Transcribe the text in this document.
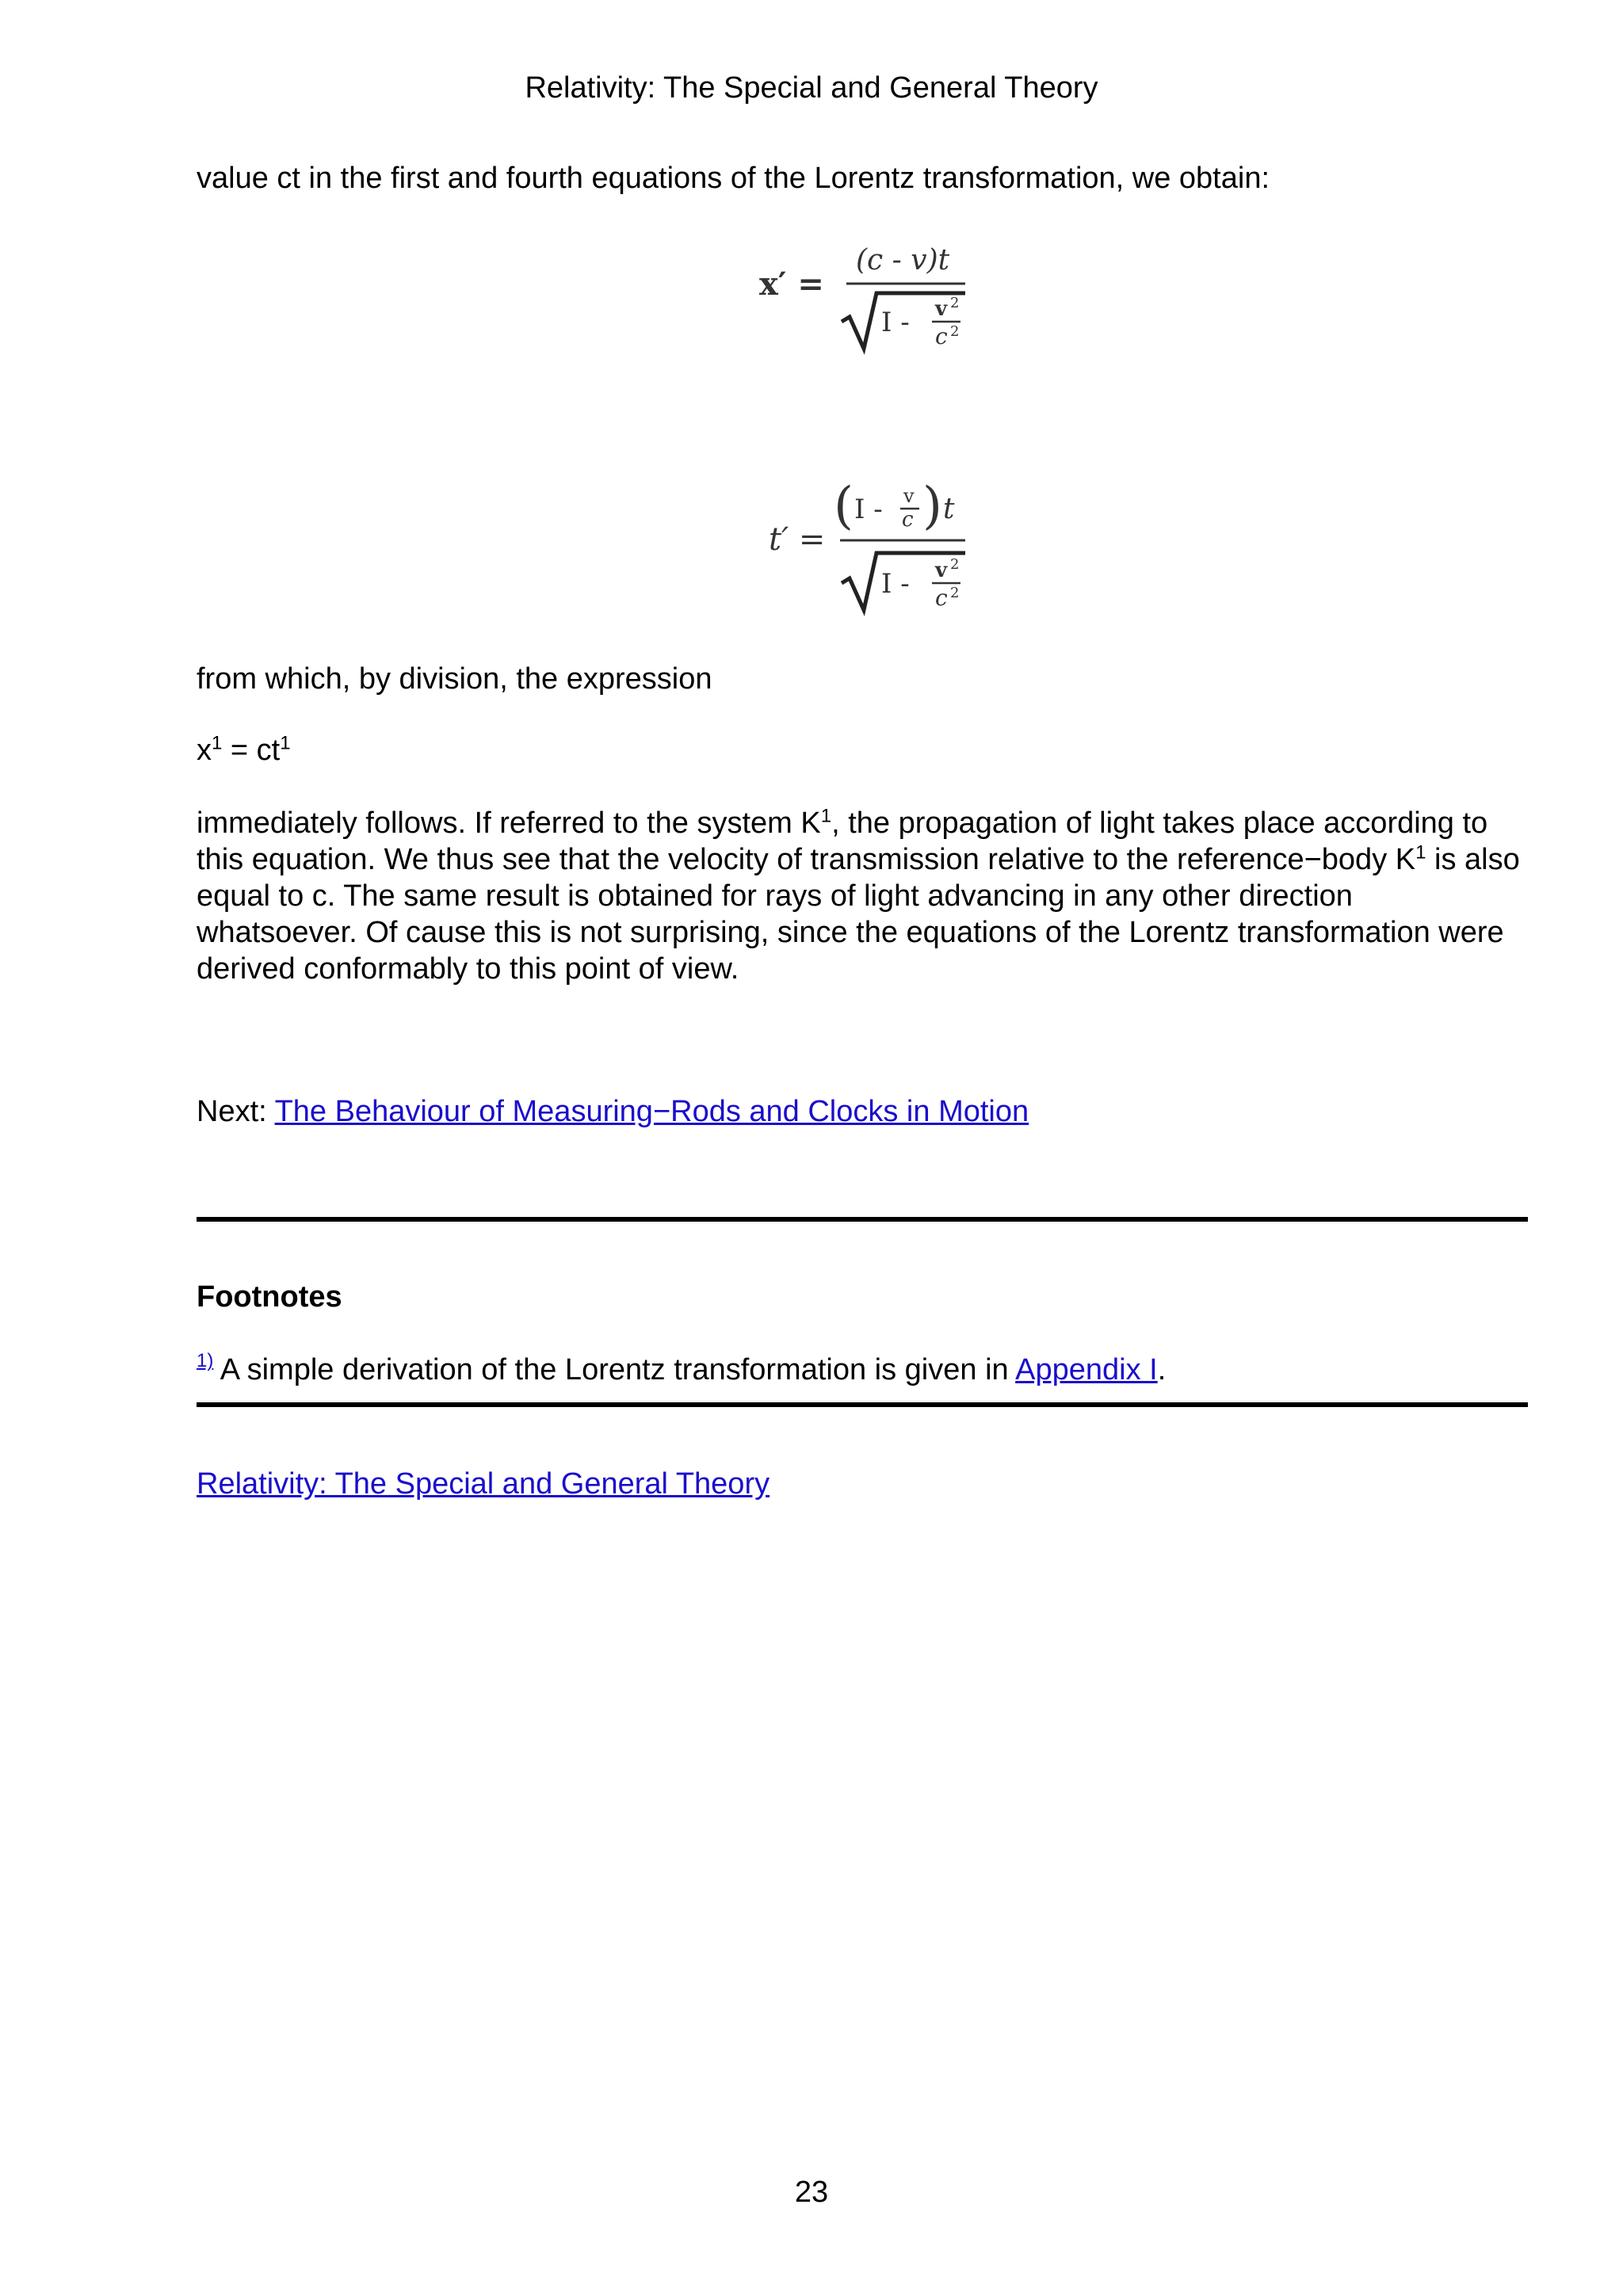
Relativity: The Special and General Theory
value ct in the first and fourth equations of the Lorentz transformation, we obtain:
x′ =
(c - v)t
I - v 2
c 2
t′ =
( I - v
c ) t
I - v 2
c 2
from which, by division, the expression
$x^1 = ct^1$
immediately follows. If referred to the system $K^1$, the propagation of light takes place according to
this equation. We thus see that the velocity of transmission relative to the reference−body $K^1$ is also
equal to c. The same result is obtained for rays of light advancing in any other direction
whatsoever. Of cause this is not surprising, since the equations of the Lorentz transformation were
derived conformably to this point of view.
Next: The Behaviour of Measuring−Rods and Clocks in Motion
Footnotes
$^{1)}$ A simple derivation of the Lorentz transformation is given in Appendix I.
Relativity: The Special and General Theory
23
